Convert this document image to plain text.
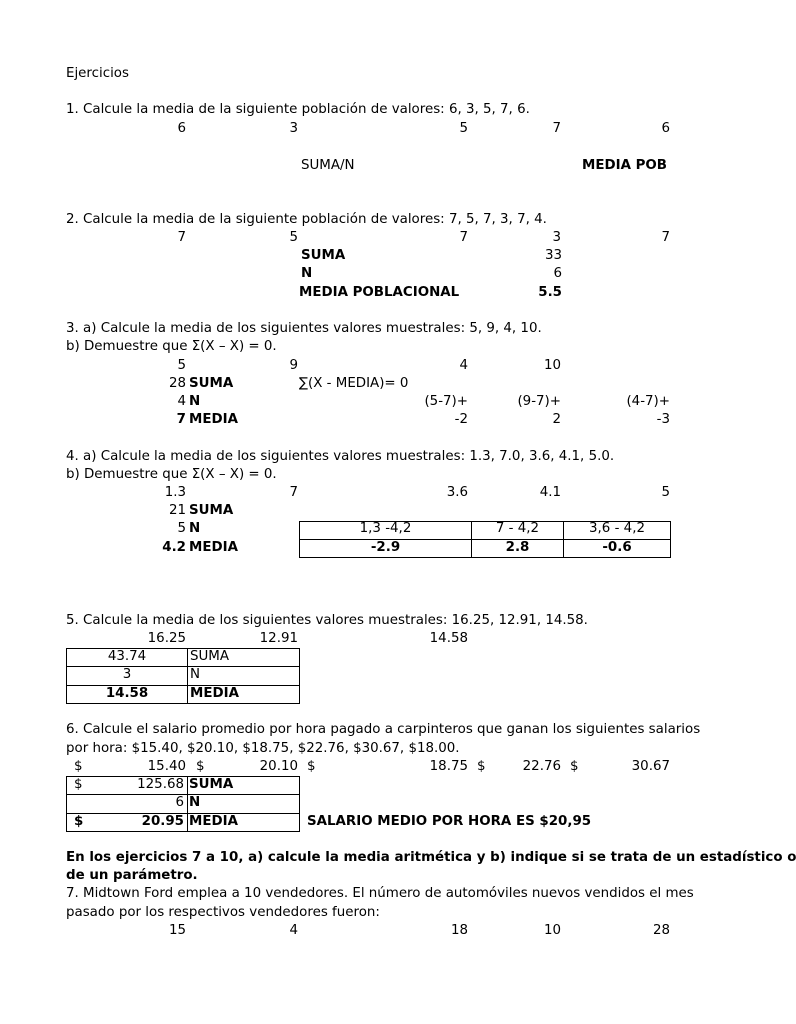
Ejercicios
1. Calcule la media de la siguiente población de valores: 6, 3, 5, 7, 6.
6	3	5	7	6
SUMA/N	MEDIA POB
2. Calcule la media de la siguiente población de valores: 7, 5, 7, 3, 7, 4.
7	5	7	3	7
SUMA	33
N	6
MEDIA POBLACIONAL	5.5
3. a) Calcule la media de los siguientes valores muestrales: 5, 9, 4, 10.
b) Demuestre que Σ(X – X) = 0.
5	9	4	10
28 SUMA	∑(X - MEDIA)= 0
4 N	(5-7)+	(9-7)+	(4-7)+
7 MEDIA	-2	2	-3
4. a) Calcule la media de los siguientes valores muestrales: 1.3, 7.0, 3.6, 4.1, 5.0.
b) Demuestre que Σ(X – X) = 0.
1.3	7	3.6	4.1	5
21 SUMA
5 N
4.2 MEDIA
1,3 -4,2	7 - 4,2	3,6 - 4,2
-2.9	2.8	-0.6
5. Calcule la media de los siguientes valores muestrales: 16.25, 12.91, 14.58.
16.25	12.91	14.58
43.74	SUMA
3	N
14.58	MEDIA
6. Calcule el salario promedio por hora pagado a carpinteros que ganan los siguientes salarios
por hora: $15.40, $20.10, $18.75, $22.76, $30.67, $18.00.
$	15.40 $	20.10 $	18.75 $	22.76 $	30.67
$	125.68 SUMA
6 N
$	20.95 MEDIA	SALARIO MEDIO POR HORA ES $20,95
En los ejercicios 7 a 10, a) calcule la media aritmética y b) indique si se trata de un estadístico o
de un parámetro.
7. Midtown Ford emplea a 10 vendedores. El número de automóviles nuevos vendidos el mes
pasado por los respectivos vendedores fueron:
15	4	18	10	28
